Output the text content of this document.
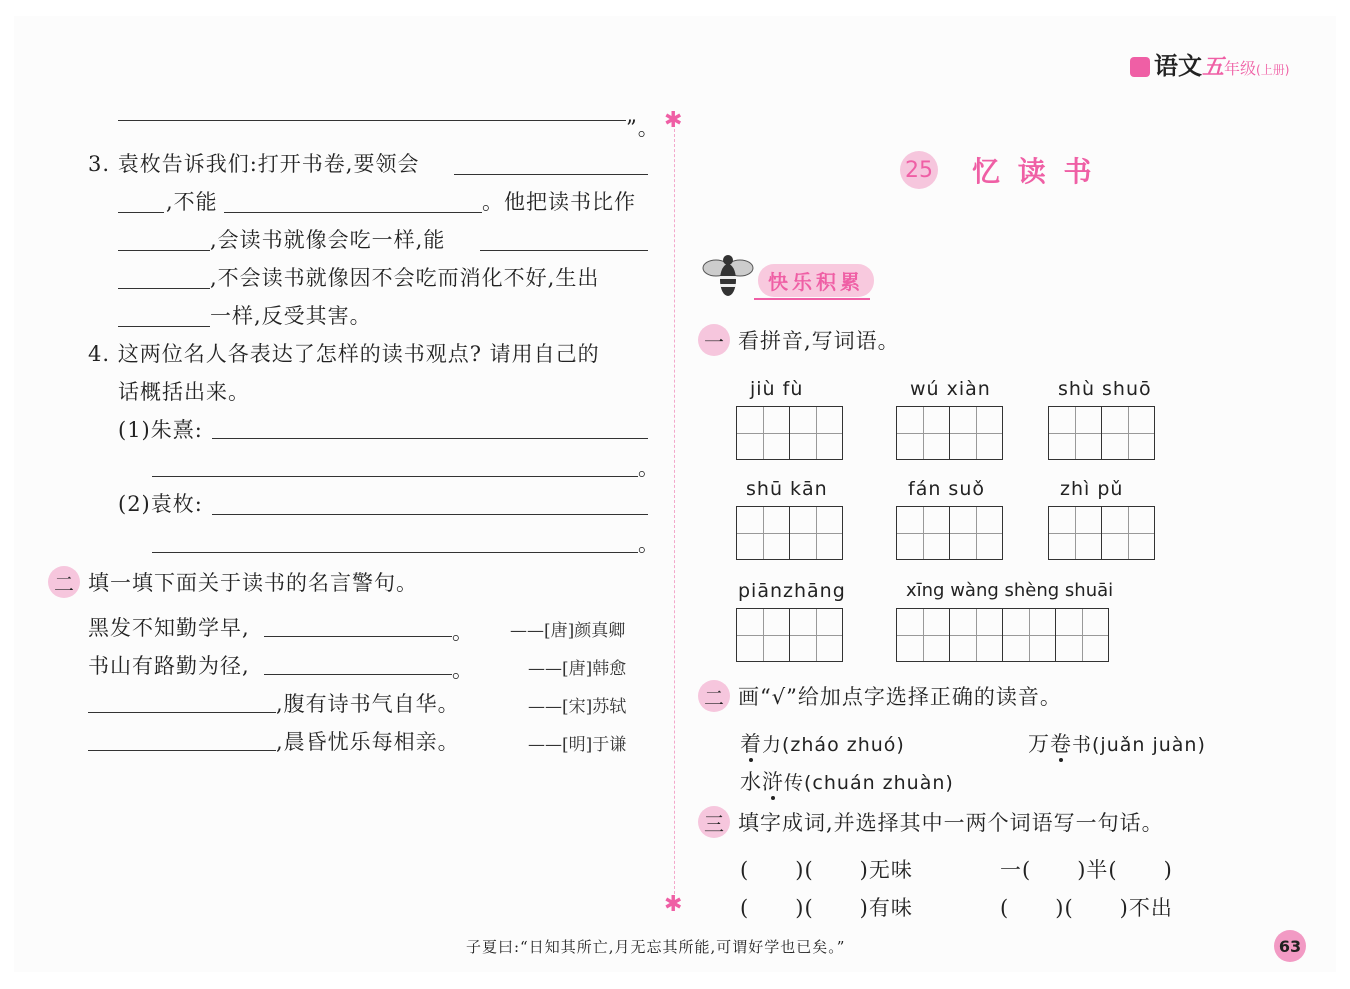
语文 五 年级 (上册)
✱
✱
”。
3. 袁枚告诉我们:打开书卷,要领会
,不能	。他把读书比作
,会读书就像会吃一样,能
,不会读书就像因不会吃而消化不好,生出
一样,反受其害。
4. 这两位名人各表达了怎样的读书观点? 请用自己的
话概括出来。
(1)朱熹:
。
(2)袁枚:
。
二 填一填下面关于读书的名言警句。
黑发不知勤学早,	。 ——[唐]颜真卿
书山有路勤为径,	。	——[唐]韩愈
,腹有诗书气自华。	——[宋]苏轼
,晨昏忧乐每相亲。	——[明]于谦
25 忆 读 书
快乐积累
一 看拼音,写词语。
jiù fù	wú xiàn	shù shuō
shū kān	fán suǒ	zhì pǔ
piānzhāng	xīng wàng shèng shuāi
二 画“√”给加点字选择正确的读音。
着力(zháo zhuó)	万卷书(juǎn juàn)
水浒传(chuán zhuàn)
三 填字成词,并选择其中一两个词语写一句话。
(      )(      )无味	一(      )半(      )
(      )(      )有味	(      )(      )不出
子夏曰:“日知其所亡,月无忘其所能,可谓好学也已矣。”	63
